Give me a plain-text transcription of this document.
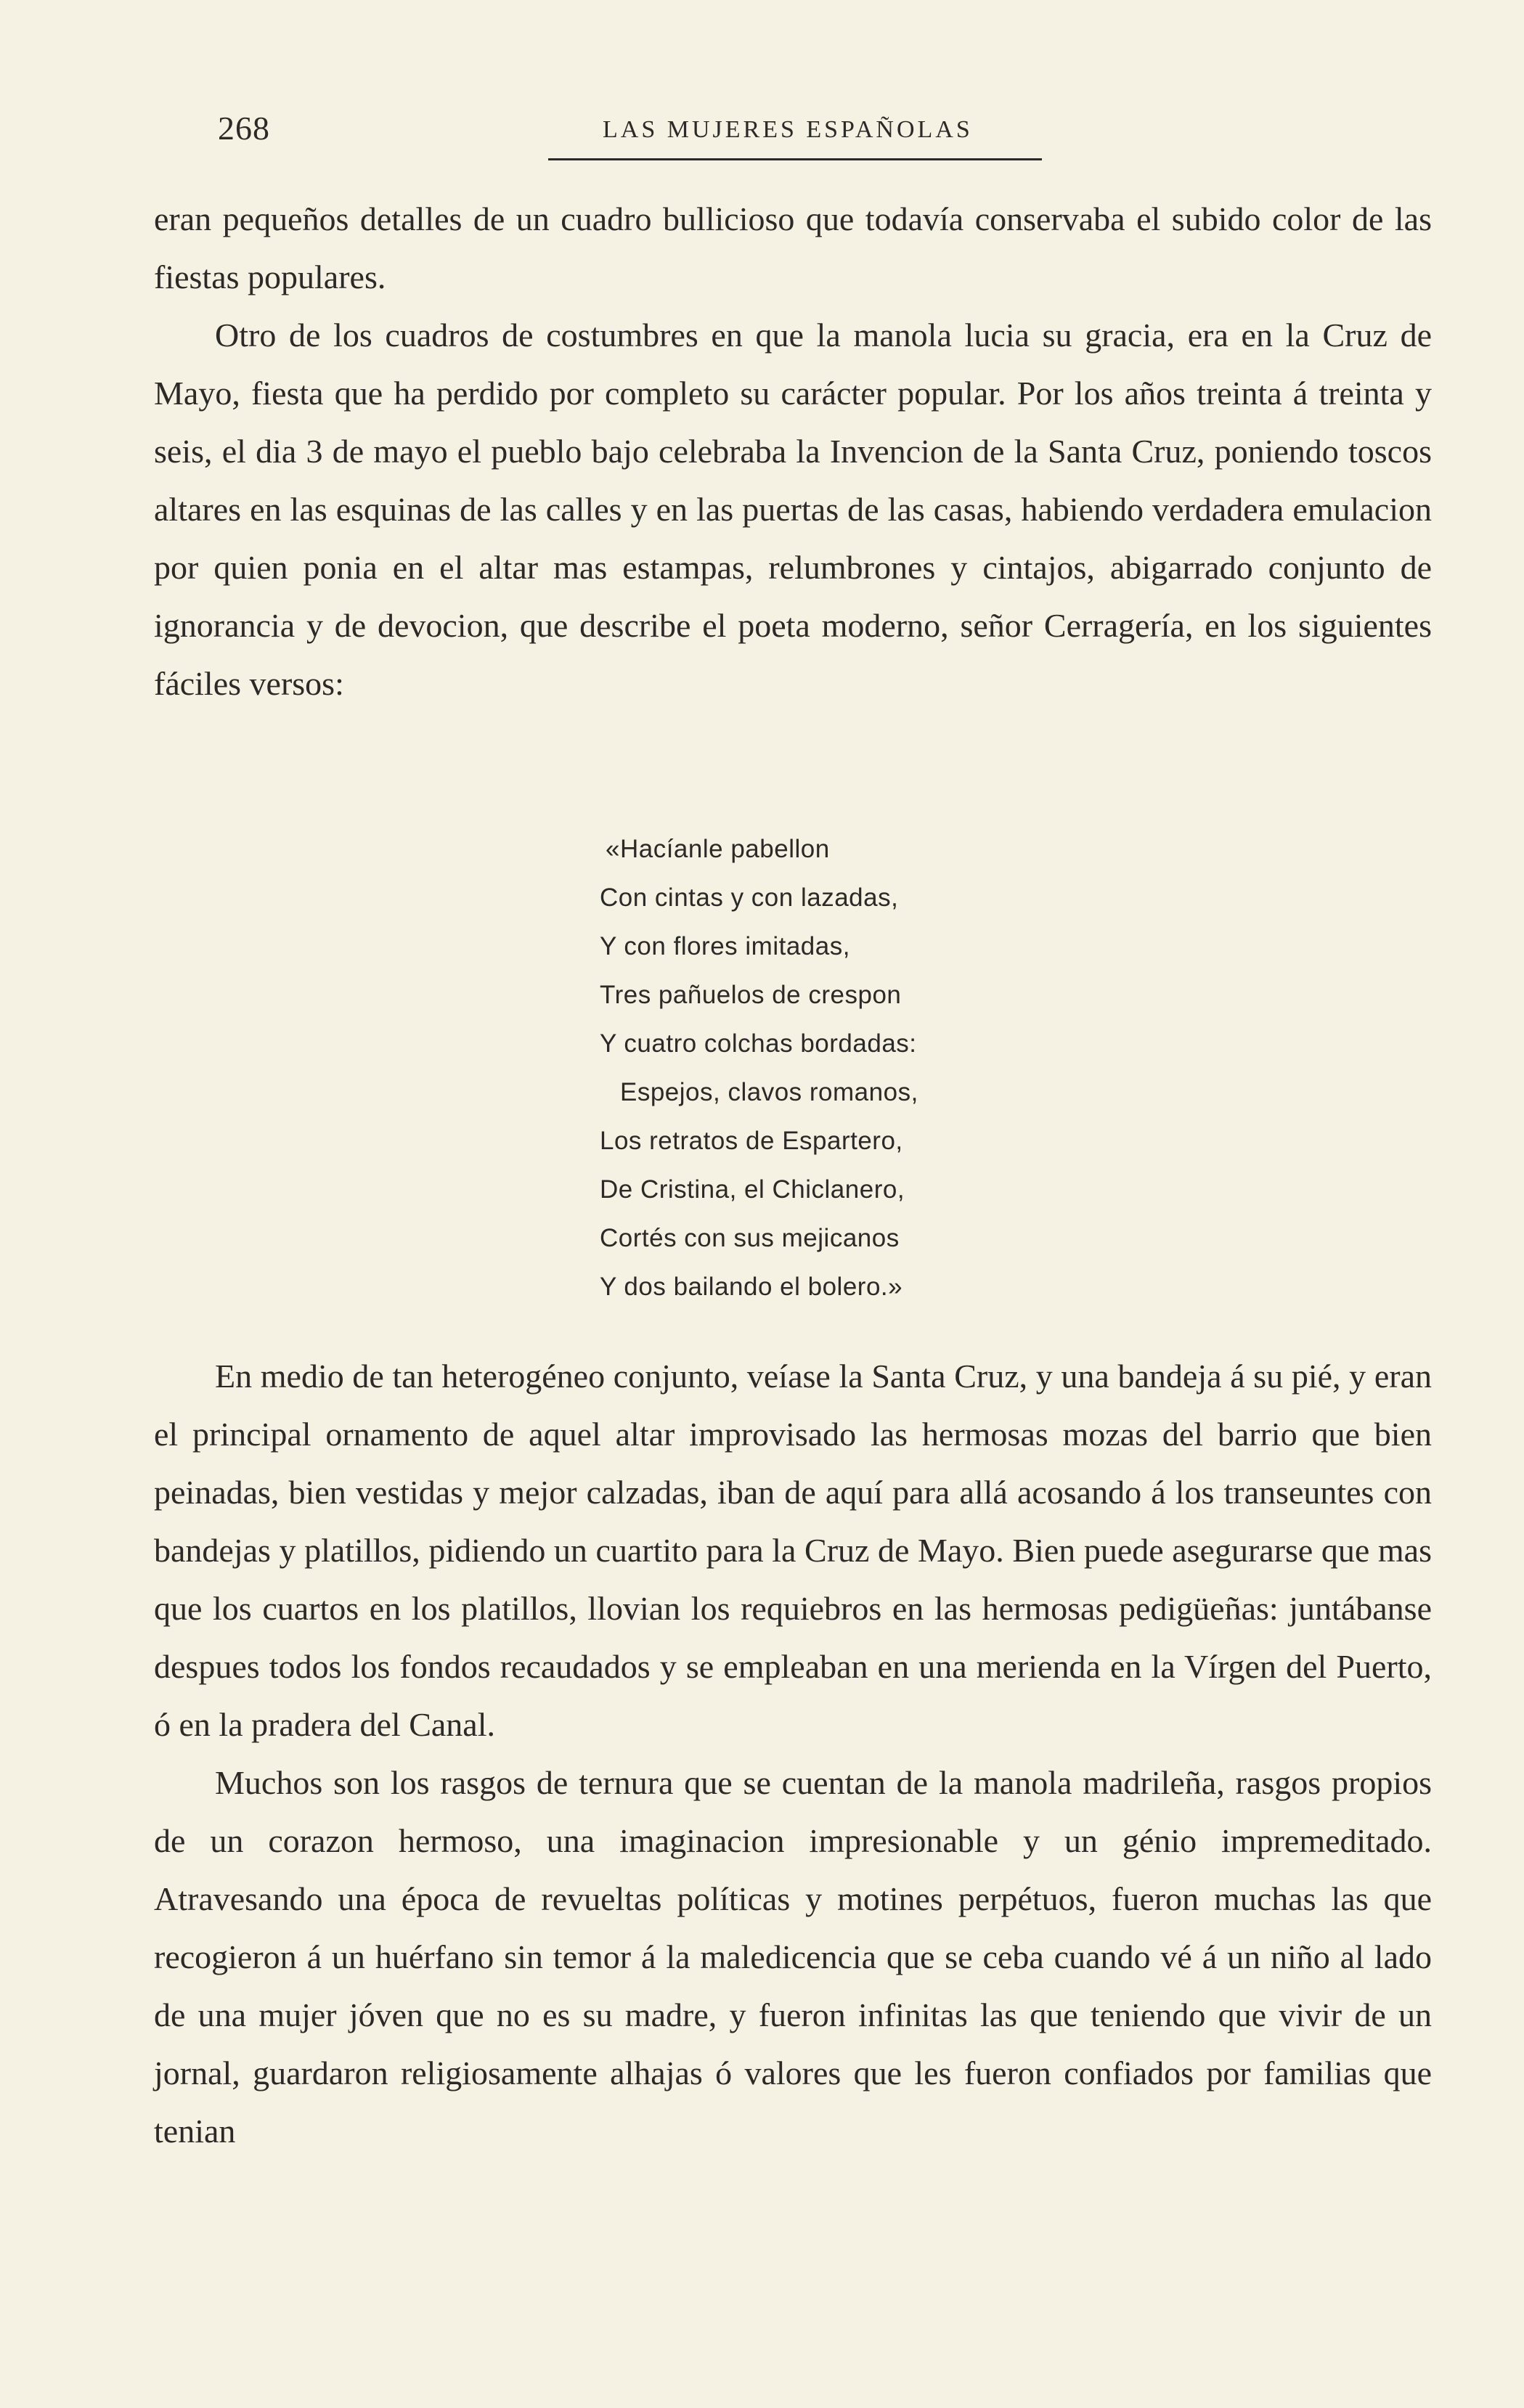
268	LAS MUJERES ESPAÑOLAS

eran pequeños detalles de un cuadro bullicioso que todavía conservaba el subido color de las fiestas populares.

Otro de los cuadros de costumbres en que la manola lucia su gracia, era en la Cruz de Mayo, fiesta que ha perdido por completo su carácter popular. Por los años treinta á treinta y seis, el dia 3 de mayo el pueblo bajo celebraba la Invencion de la Santa Cruz, poniendo toscos altares en las esquinas de las calles y en las puertas de las casas, habiendo verdadera emulacion por quien ponia en el altar mas estampas, relumbrones y cintajos, abigarrado conjunto de ignorancia y de devocion, que describe el poeta moderno, señor Cerragería, en los siguientes fáciles versos:

«Hacíanle pabellon
Con cintas y con lazadas,
Y con flores imitadas,
Tres pañuelos de crespon
Y cuatro colchas bordadas:
Espejos, clavos romanos,
Los retratos de Espartero,
De Cristina, el Chiclanero,
Cortés con sus mejicanos
Y dos bailando el bolero.»

En medio de tan heterogéneo conjunto, veíase la Santa Cruz, y una bandeja á su pié, y eran el principal ornamento de aquel altar improvisado las hermosas mozas del barrio que bien peinadas, bien vestidas y mejor calzadas, iban de aquí para allá acosando á los transeuntes con bandejas y platillos, pidiendo un cuartito para la Cruz de Mayo. Bien puede asegurarse que mas que los cuartos en los platillos, llovian los requiebros en las hermosas pedigüeñas: juntábanse despues todos los fondos recaudados y se empleaban en una merienda en la Vírgen del Puerto, ó en la pradera del Canal.

Muchos son los rasgos de ternura que se cuentan de la manola madrileña, rasgos propios de un corazon hermoso, una imaginacion impresionable y un génio impremeditado. Atravesando una época de revueltas políticas y motines perpétuos, fueron muchas las que recogieron á un huérfano sin temor á la maledicencia que se ceba cuando vé á un niño al lado de una mujer jóven que no es su madre, y fueron infinitas las que teniendo que vivir de un jornal, guardaron religiosamente alhajas ó valores que les fueron confiados por familias que tenian
